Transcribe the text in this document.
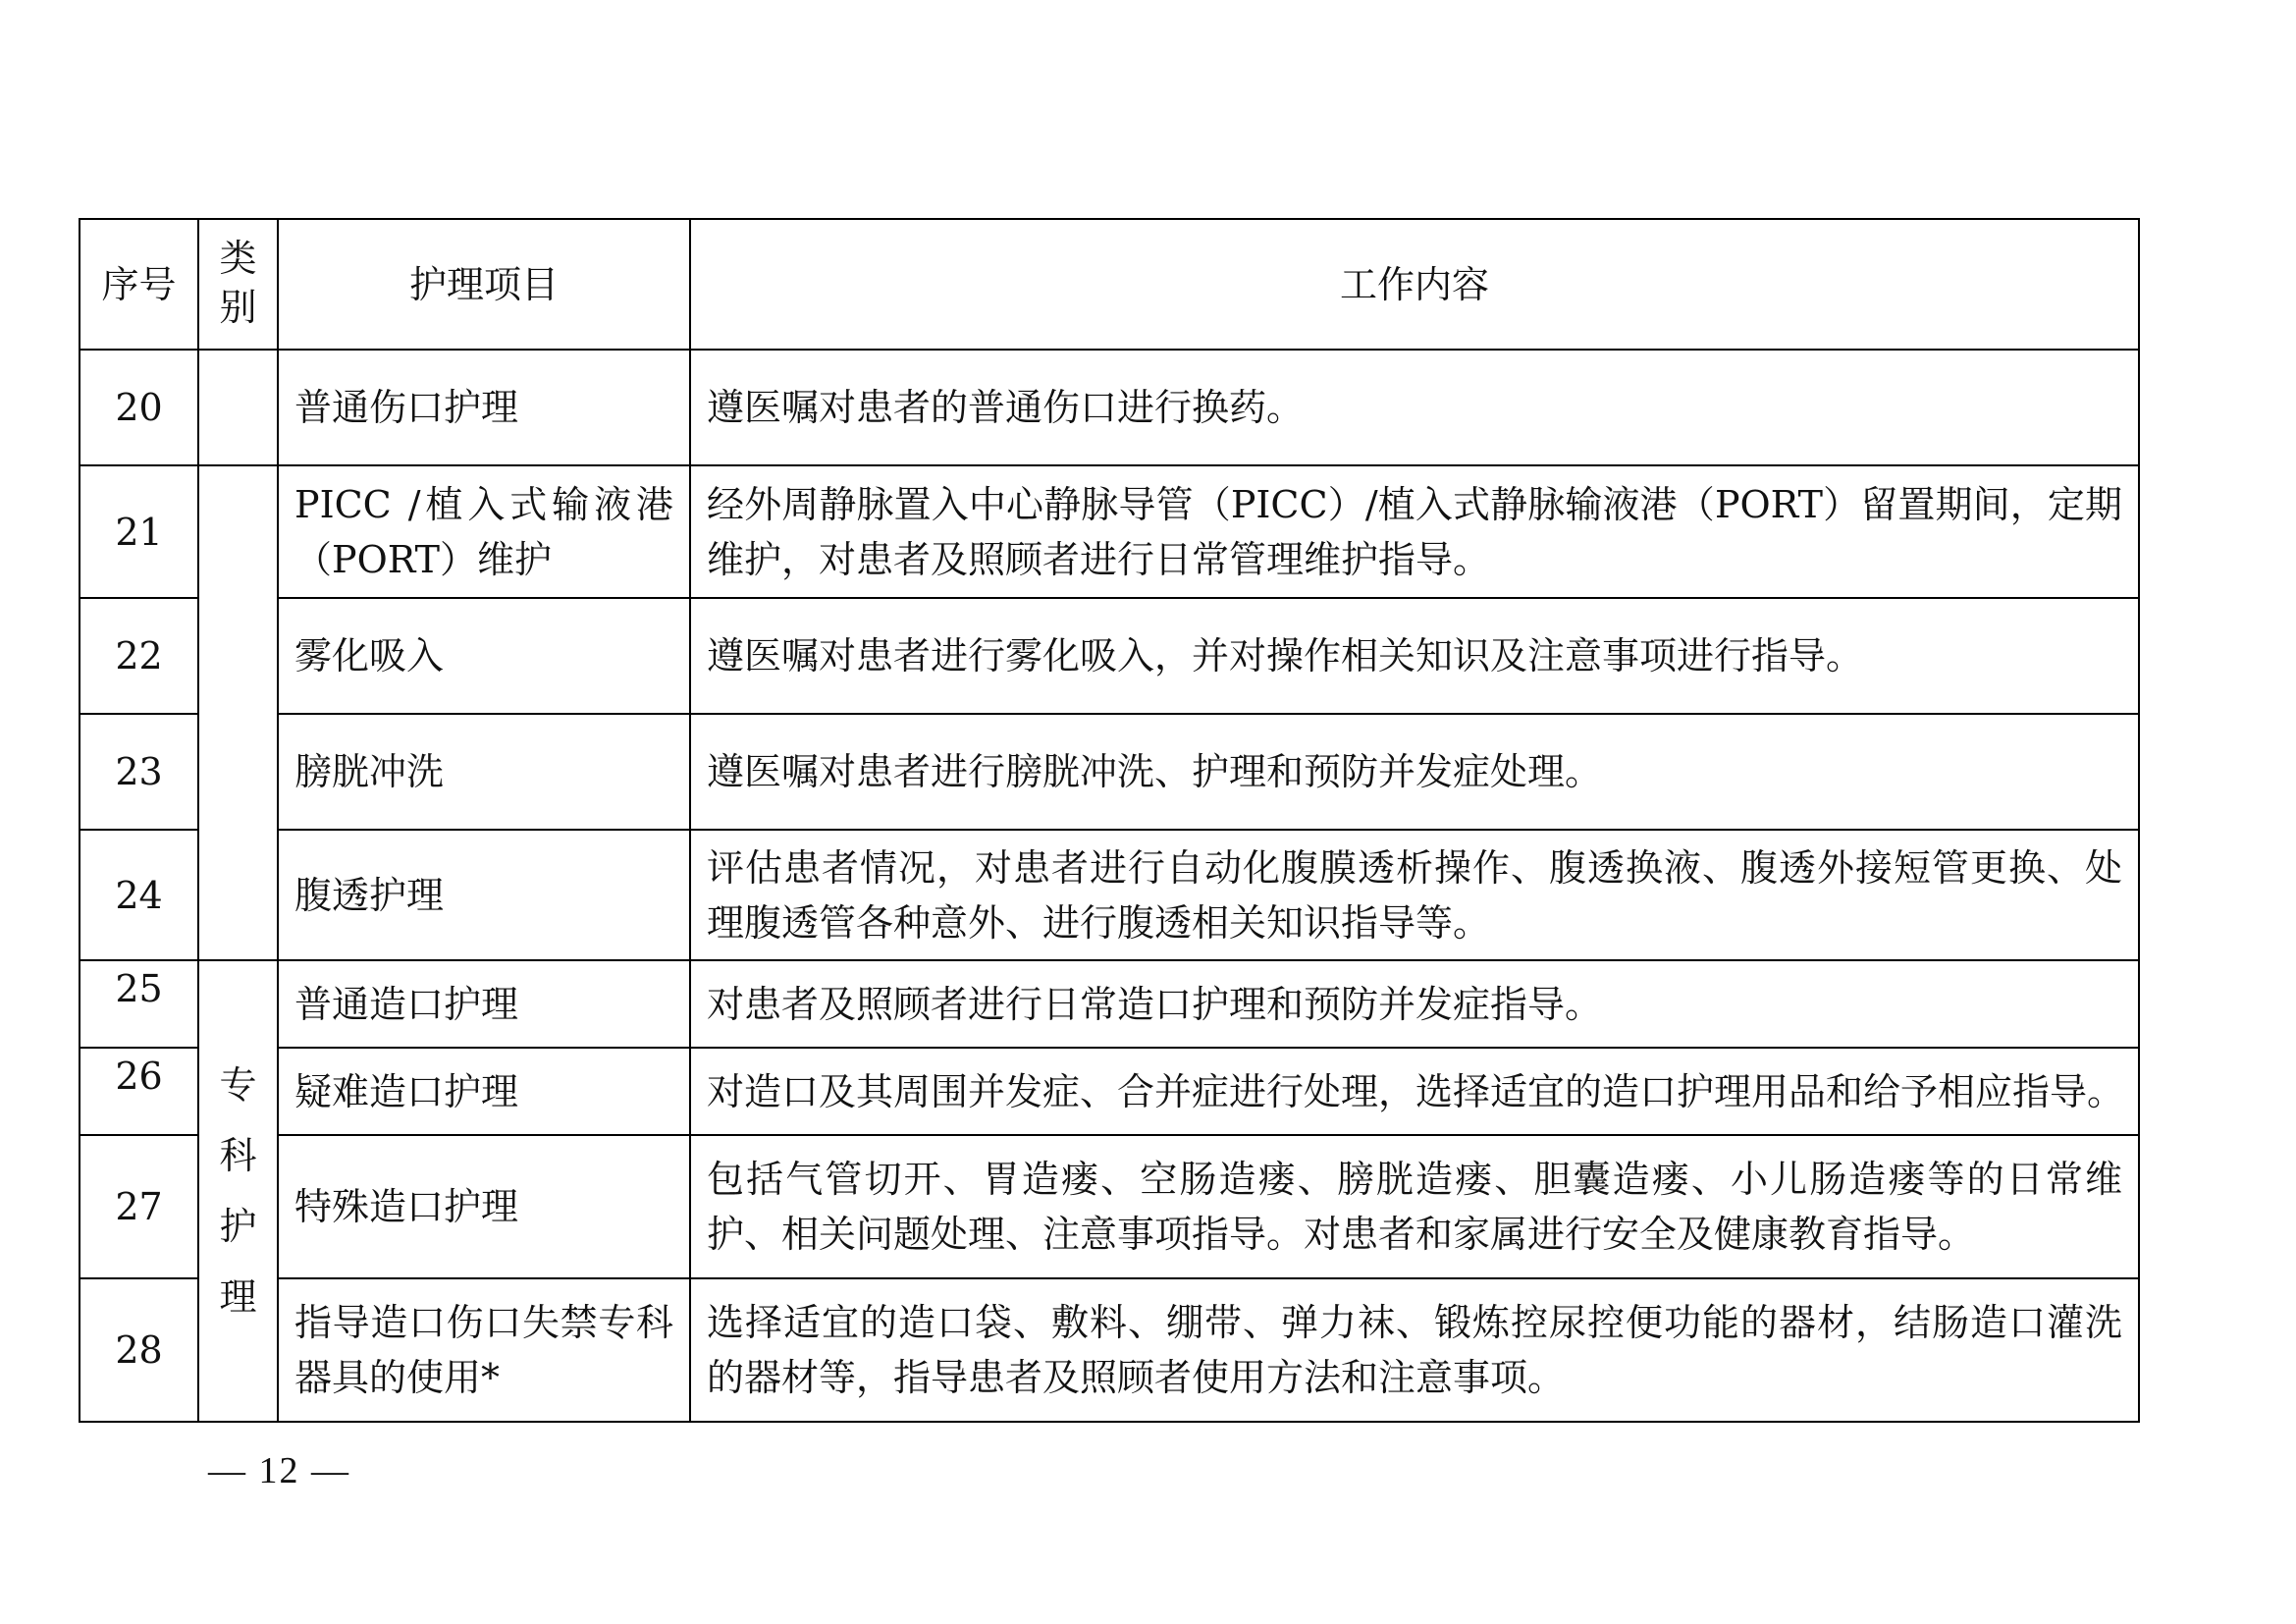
序号	类别	护理项目	工作内容
20		普通伤口护理	遵医嘱对患者的普通伤口进行换药。
21		PICC /植入式输液港（PORT）维护	经外周静脉置入中心静脉导管（PICC）/植入式静脉输液港（PORT）留置期间，定期维护，对患者及照顾者进行日常管理维护指导。
22		雾化吸入	遵医嘱对患者进行雾化吸入，并对操作相关知识及注意事项进行指导。
23		膀胱冲洗	遵医嘱对患者进行膀胱冲洗、护理和预防并发症处理。
24		腹透护理	评估患者情况，对患者进行自动化腹膜透析操作、腹透换液、腹透外接短管更换、处理腹透管各种意外、进行腹透相关知识指导等。
25	专科护理	普通造口护理	对患者及照顾者进行日常造口护理和预防并发症指导。
26		疑难造口护理	对造口及其周围并发症、合并症进行处理，选择适宜的造口护理用品和给予相应指导。
27		特殊造口护理	包括气管切开、胃造瘘、空肠造瘘、膀胱造瘘、胆囊造瘘、小儿肠造瘘等的日常维护、相关问题处理、注意事项指导。对患者和家属进行安全及健康教育指导。
28		指导造口伤口失禁专科器具的使用*	选择适宜的造口袋、敷料、绷带、弹力袜、锻炼控尿控便功能的器材，结肠造口灌洗的器材等，指导患者及照顾者使用方法和注意事项。
— 12 —
